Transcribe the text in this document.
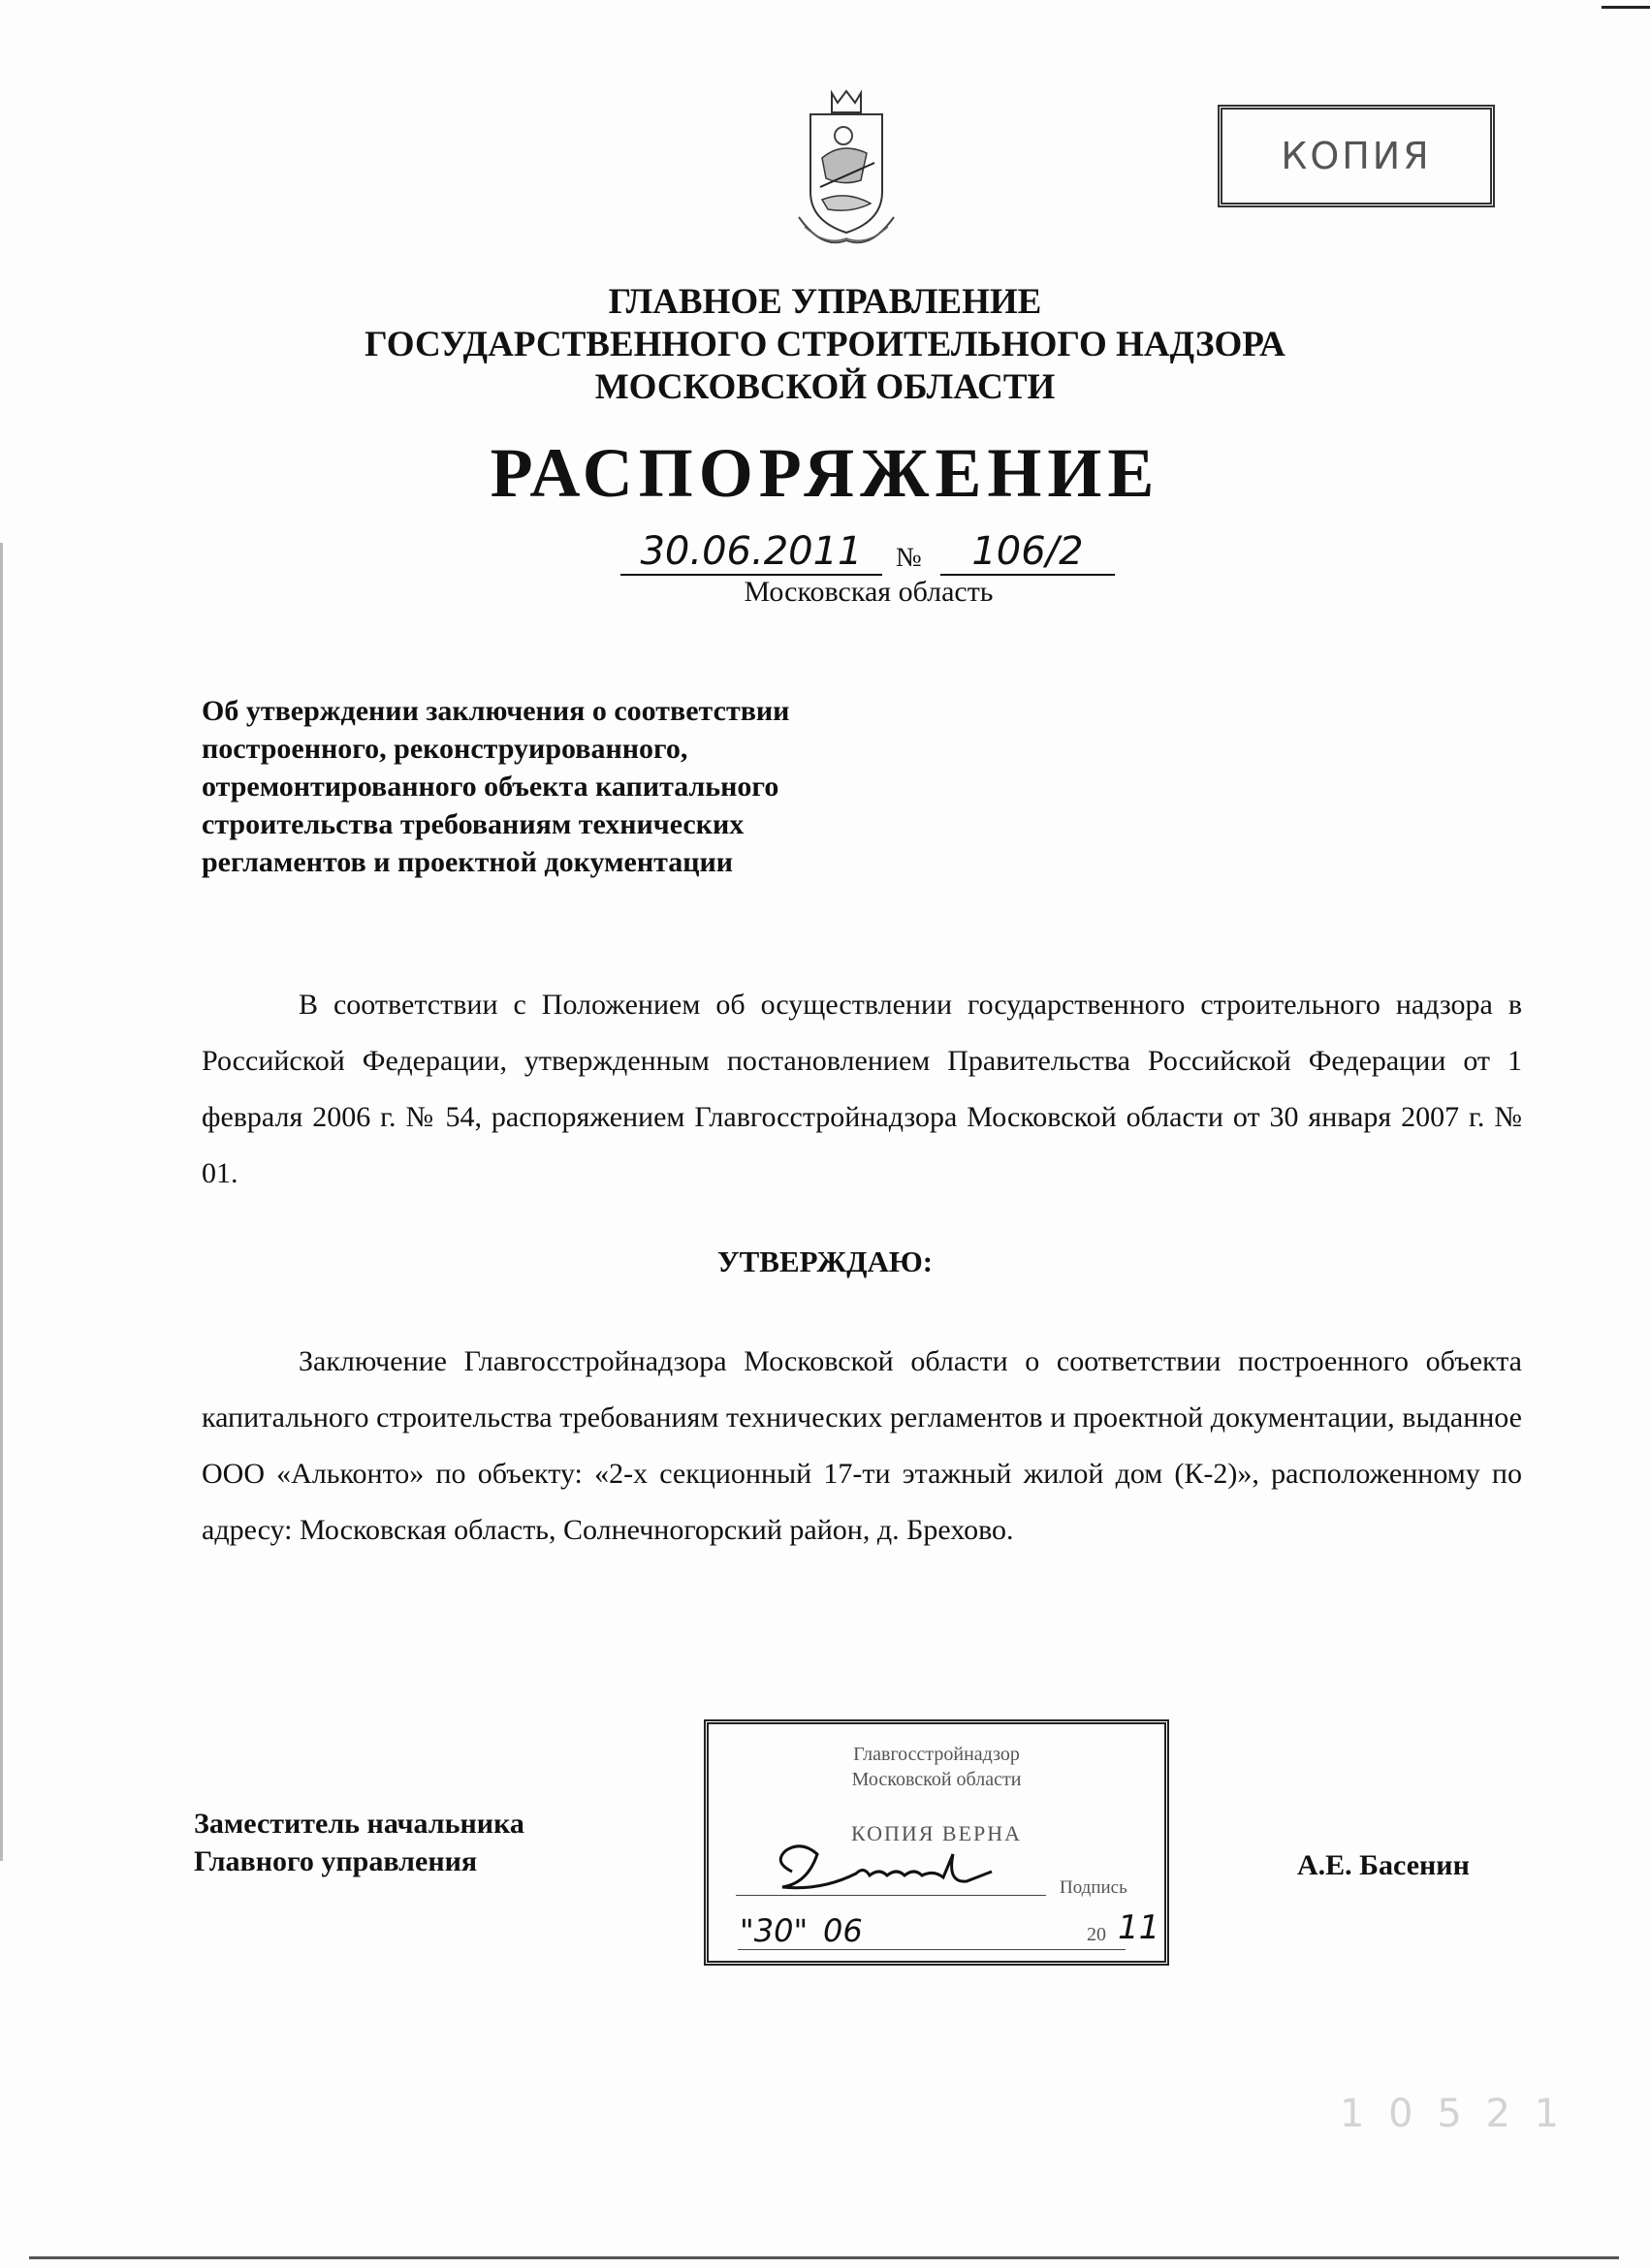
КОПИЯ
ГЛАВНОЕ УПРАВЛЕНИЕ
ГОСУДАРСТВЕННОГО СТРОИТЕЛЬНОГО НАДЗОРА
МОСКОВСКОЙ ОБЛАСТИ
РАСПОРЯЖЕНИЕ
30.06.2011	№	106/2
Московская область
Об утверждении заключения о соответствии
построенного, реконструированного,
отремонтированного объекта капитального
строительства требованиям технических
регламентов и проектной документации
В соответствии с Положением об осуществлении государственного строительного надзора в Российской Федерации, утвержденным постановлением Правительства Российской Федерации от 1 февраля 2006 г. № 54, распоряжением Главгосстройнадзора Московской области от 30 января 2007 г. № 01.
УТВЕРЖДАЮ:
Заключение Главгосстройнадзора Московской области о соответствии построенного объекта капитального строительства требованиям технических регламентов и проектной документации, выданное ООО «Альконто» по объекту: «2-х секционный 17-ти этажный жилой дом (К-2)», расположенному по адресу: Московская область, Солнечногорский район, д. Брехово.
Заместитель начальника
Главного управления	А.Е. Басенин
Главгосстройнадзор
Московской области
КОПИЯ ВЕРНА
Подпись
"30" 06	20 11
1 0 5 2 1
